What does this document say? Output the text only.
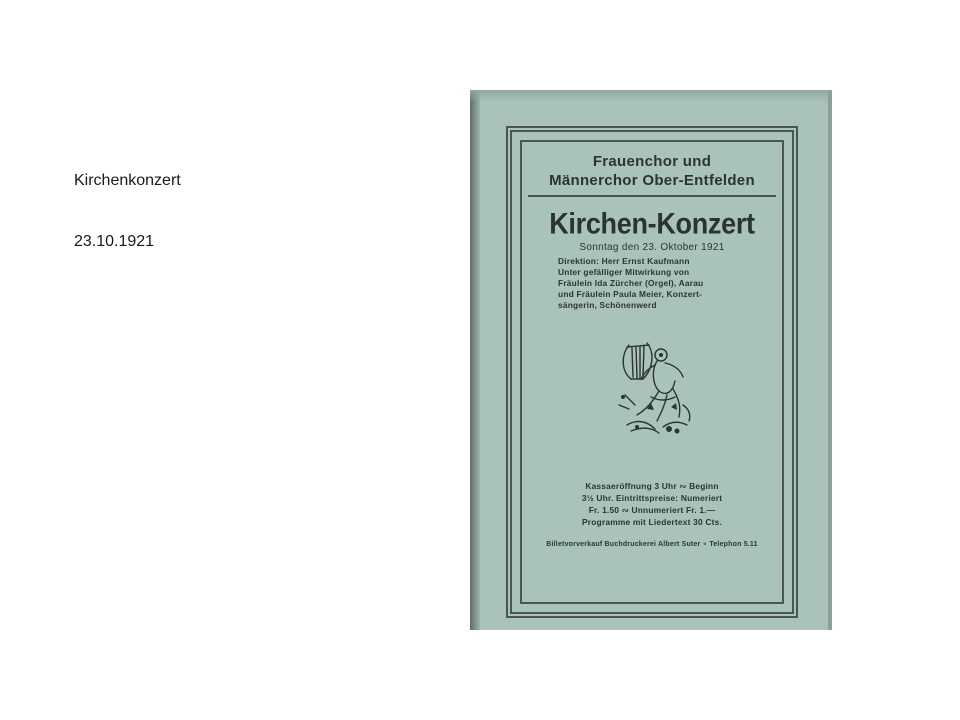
Kirchenkonzert
23.10.1921
Frauenchor und
Männerchor Ober-Entfelden
Kirchen-Konzert
Sonntag den 23. Oktober 1921
Direktion: Herr Ernst Kaufmann
Unter gefälliger Mitwirkung von
Fräulein Ida Zürcher (Orgel), Aarau
und Fräulein Paula Meier, Konzert-
sängerin, Schönenwerd
Kassaeröffnung 3 Uhr ∾ Beginn
3½ Uhr. Eintrittspreise: Numeriert
Fr. 1.50 ∾ Unnumeriert Fr. 1.—
Programme mit Liedertext 30 Cts.
Billetvorverkauf Buchdruckerei Albert Suter ∘ Telephon 5.11
